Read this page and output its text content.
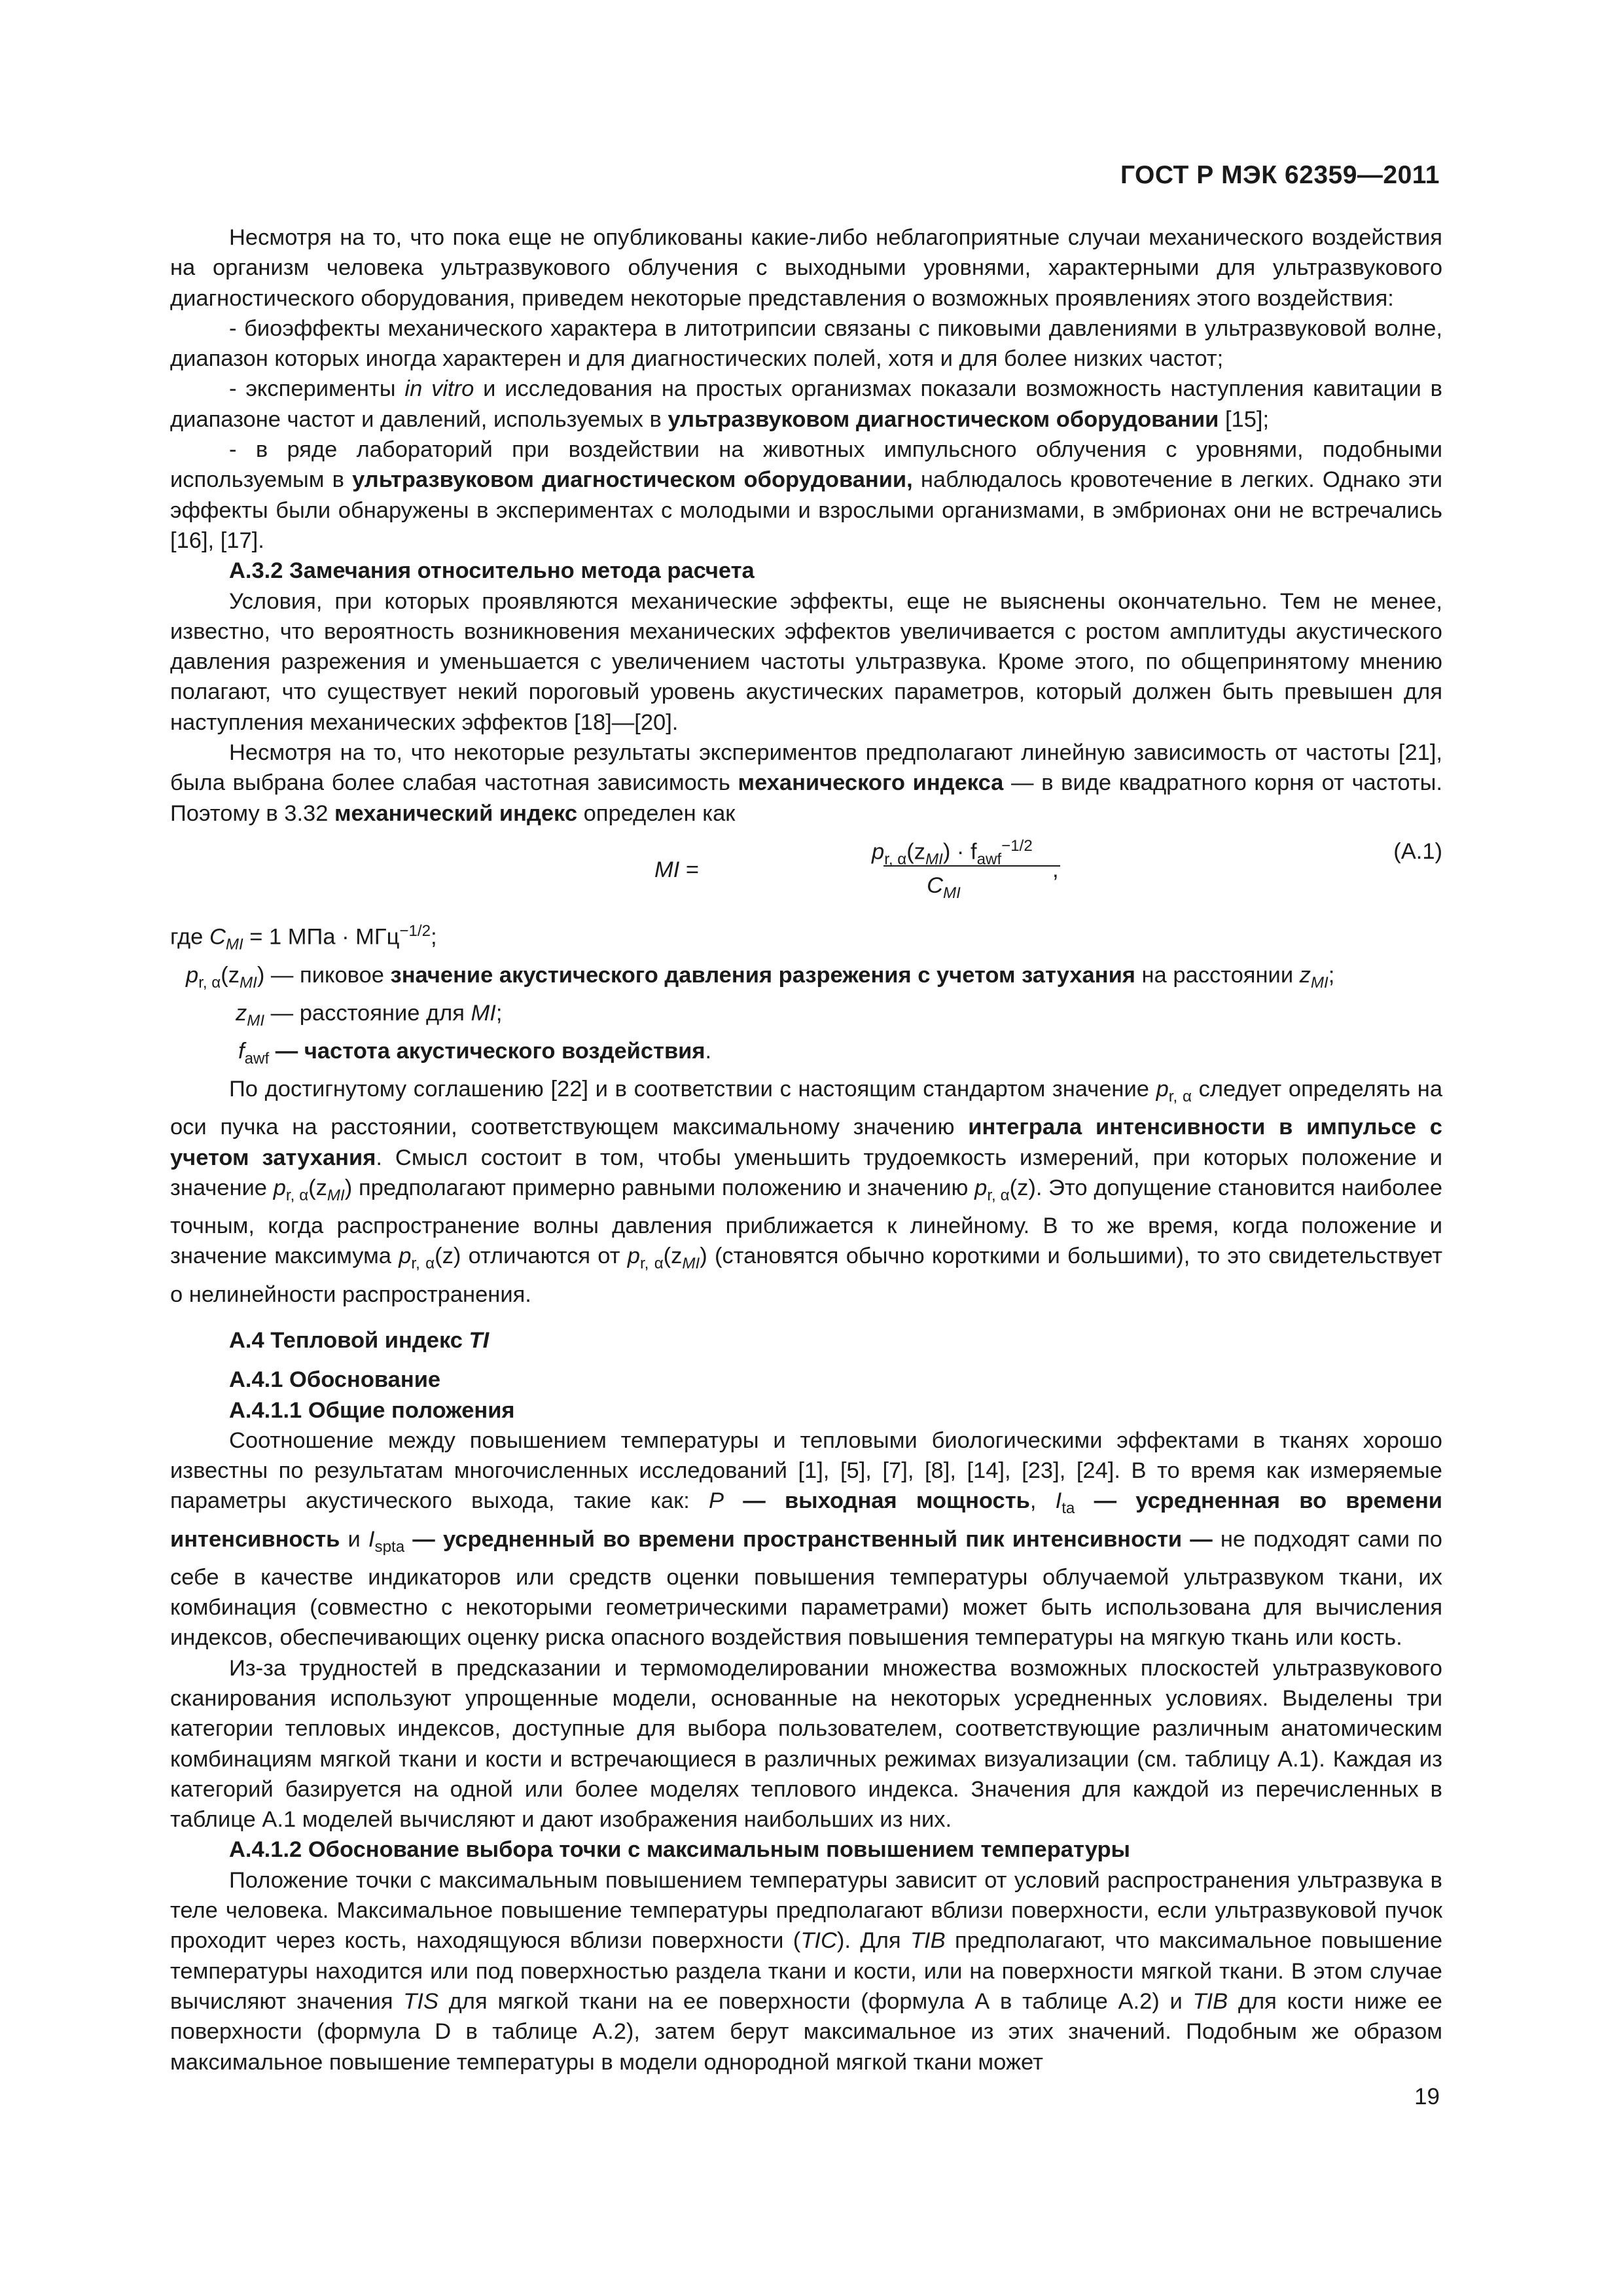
ГОСТ Р МЭК 62359—2011

Несмотря на то, что пока еще не опубликованы какие-либо неблагоприятные случаи механического воздействия на организм человека ультразвукового облучения с выходными уровнями, характерными для ультразвукового диагностического оборудования, приведем некоторые представления о возможных проявлениях этого воздействия:

- биоэффекты механического характера в литотрипсии связаны с пиковыми давлениями в ультразвуковой волне, диапазон которых иногда характерен и для диагностических полей, хотя и для более низких частот;

- эксперименты in vitro и исследования на простых организмах показали возможность наступления кавитации в диапазоне частот и давлений, используемых в ультразвуковом диагностическом оборудовании [15];

- в ряде лабораторий при воздействии на животных импульсного облучения с уровнями, подобными используемым в ультразвуковом диагностическом оборудовании, наблюдалось кровотечение в легких. Однако эти эффекты были обнаружены в экспериментах с молодыми и взрослыми организмами, в эмбрионах они не встречались [16], [17].

А.3.2 Замечания относительно метода расчета

Условия, при которых проявляются механические эффекты, еще не выяснены окончательно. Тем не менее, известно, что вероятность возникновения механических эффектов увеличивается с ростом амплитуды акустического давления разрежения и уменьшается с увеличением частоты ультразвука. Кроме этого, по общепринятому мнению полагают, что существует некий пороговый уровень акустических параметров, который должен быть превышен для наступления механических эффектов [18]—[20].

Несмотря на то, что некоторые результаты экспериментов предполагают линейную зависимость от частоты [21], была выбрана более слабая частотная зависимость механического индекса — в виде квадратного корня от частоты. Поэтому в 3.32 механический индекс определен как

MI =
$p_{r, \alpha}(z_{MI}) \cdot f_{awf}^{-1/2}$
$C_{MI}$
,
(А.1)

где $C_{MI} = 1$ МПа · МГц$^{-1/2}$;

$p_{r, \alpha}(z_{MI})$ — пиковое значение акустического давления разрежения с учетом затухания на расстоянии $z_{MI}$;

$z_{MI}$ — расстояние для MI;

$f_{awf}$ — частота акустического воздействия.

По достигнутому соглашению [22] и в соответствии с настоящим стандартом значение $p_{r, \alpha}$ следует определять на оси пучка на расстоянии, соответствующем максимальному значению интеграла интенсивности в импульсе с учетом затухания. Смысл состоит в том, чтобы уменьшить трудоемкость измерений, при которых положение и значение $p_{r, \alpha}(z_{MI})$ предполагают примерно равными положению и значению $p_{r, \alpha}(z)$. Это допущение становится наиболее точным, когда распространение волны давления приближается к линейному. В то же время, когда положение и значение максимума $p_{r, \alpha}(z)$ отличаются от $p_{r, \alpha}(z_{MI})$ (становятся обычно короткими и большими), то это свидетельствует о нелинейности распространения.

А.4 Тепловой индекс TI
А.4.1 Обоснование
А.4.1.1 Общие положения

Соотношение между повышением температуры и тепловыми биологическими эффектами в тканях хорошо известны по результатам многочисленных исследований [1], [5], [7], [8], [14], [23], [24]. В то время как измеряемые параметры акустического выхода, такие как: P — выходная мощность, $I_{ta}$ — усредненная во времени интенсивность и $I_{spta}$ — усредненный во времени пространственный пик интенсивности — не подходят сами по себе в качестве индикаторов или средств оценки повышения температуры облучаемой ультразвуком ткани, их комбинация (совместно с некоторыми геометрическими параметрами) может быть использована для вычисления индексов, обеспечивающих оценку риска опасного воздействия повышения температуры на мягкую ткань или кость.

Из-за трудностей в предсказании и термомоделировании множества возможных плоскостей ультразвукового сканирования используют упрощенные модели, основанные на некоторых усредненных условиях. Выделены три категории тепловых индексов, доступные для выбора пользователем, соответствующие различным анатомическим комбинациям мягкой ткани и кости и встречающиеся в различных режимах визуализации (см. таблицу А.1). Каждая из категорий базируется на одной или более моделях теплового индекса. Значения для каждой из перечисленных в таблице А.1 моделей вычисляют и дают изображения наибольших из них.

А.4.1.2 Обоснование выбора точки с максимальным повышением температуры

Положение точки с максимальным повышением температуры зависит от условий распространения ультразвука в теле человека. Максимальное повышение температуры предполагают вблизи поверхности, если ультразвуковой пучок проходит через кость, находящуюся вблизи поверхности (TIC). Для TIB предполагают, что максимальное повышение температуры находится или под поверхностью раздела ткани и кости, или на поверхности мягкой ткани. В этом случае вычисляют значения TIS для мягкой ткани на ее поверхности (формула А в таблице А.2) и TIB для кости ниже ее поверхности (формула D в таблице А.2), затем берут максимальное из этих значений. Подобным же образом максимальное повышение температуры в модели однородной мягкой ткани может

19
